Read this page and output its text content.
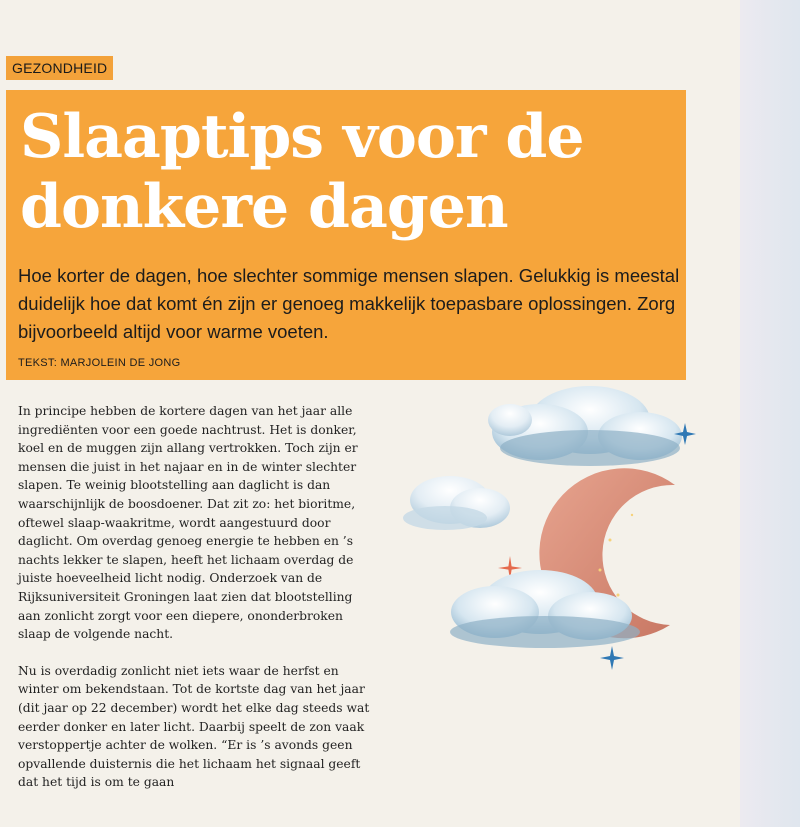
GEZONDHEID
Slaaptips voor de donkere dagen

Hoe korter de dagen, hoe slechter sommige mensen slapen. Gelukkig is meestal duidelijk hoe dat komt én zijn er genoeg makkelijk toepasbare oplossingen. Zorg bijvoorbeeld altijd voor warme voeten.

TEKST: MARJOLEIN DE JONG

In principe hebben de kortere dagen van het jaar alle ingrediënten voor een goede nachtrust. Het is donker, koel en de muggen zijn allang vertrokken. Toch zijn er mensen die juist in het najaar en in de winter slechter slapen. Te weinig blootstelling aan daglicht is dan waarschijnlijk de boosdoener. Dat zit zo: het bioritme, oftewel slaap-waakritme, wordt aangestuurd door daglicht. Om overdag genoeg energie te hebben en ’s nachts lekker te slapen, heeft het lichaam overdag de juiste hoeveelheid licht nodig. Onderzoek van de Rijksuniversiteit Groningen laat zien dat blootstelling aan zonlicht zorgt voor een diepere, ononderbroken slaap de volgende nacht.

Nu is overdadig zonlicht niet iets waar de herfst en winter om bekendstaan. Tot de kortste dag van het jaar (dit jaar op 22 december) wordt het elke dag steeds wat eerder donker en later licht. Daarbij speelt de zon vaak verstoppertje achter de wolken. “Er is ’s avonds geen opvallende duisternis die het lichaam het signaal geeft dat het tijd is om te gaan
